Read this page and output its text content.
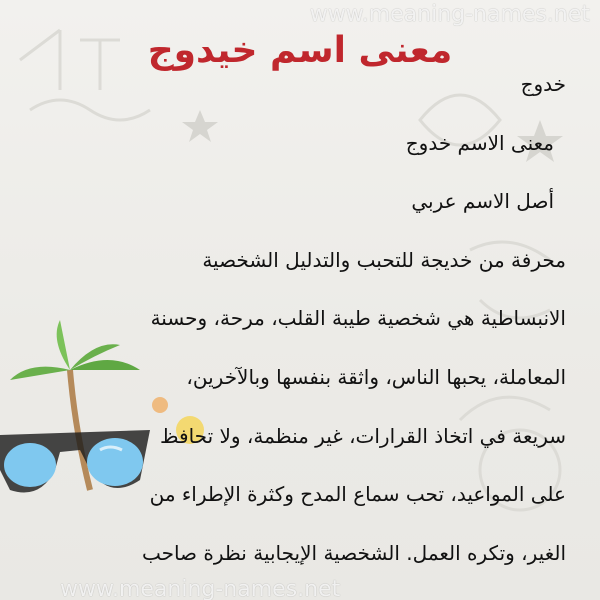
www.meaning-names.net
معنى اسم خيدوج
خدوج
معنى الاسم خدوج
أصل الاسم عربي
محرفة من خديجة للتحبب والتدليل الشخصية
الانبساطية هي شخصية طيبة القلب، مرحة، وحسنة
المعاملة، يحبها الناس، واثقة بنفسها وبالآخرين،
سريعة في اتخاذ القرارات، غير منظمة، ولا تحافظ
على المواعيد، تحب سماع المدح وكثرة الإطراء من
الغير، وتكره العمل. الشخصية الإيجابية نظرة صاحب
www.meaning-names.net
